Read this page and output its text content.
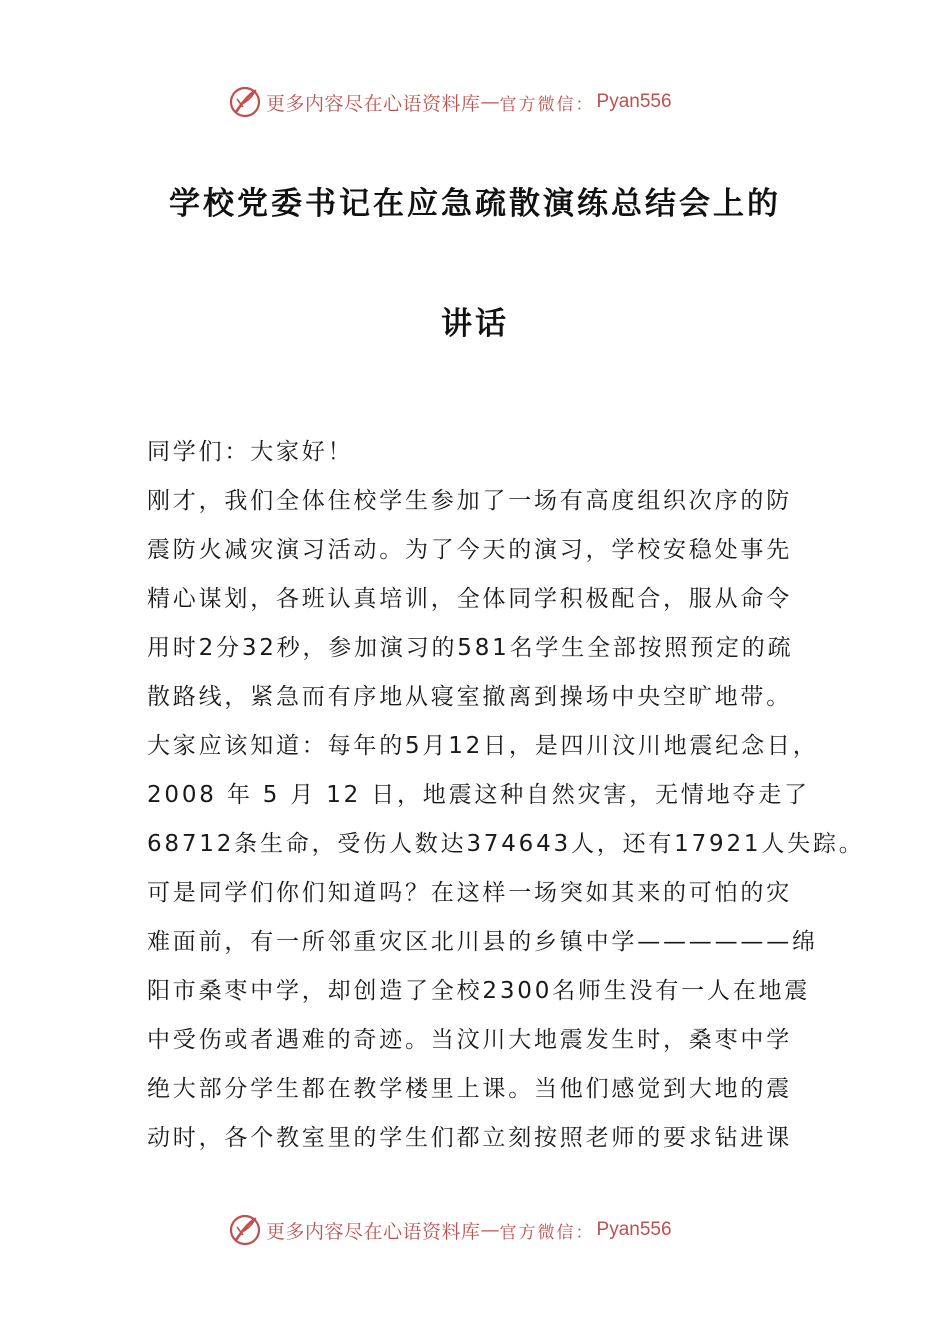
更多内容尽在心语资料库 — 官方微信： Pyan556
学校党委书记在应急疏散演练总结会上的
讲话
同学们：大家好！
刚才，我们全体住校学生参加了一场有高度组织次序的防
震防火减灾演习活动。为了今天的演习，学校安稳处事先
精心谋划，各班认真培训，全体同学积极配合，服从命令
用时2分32秒，参加演习的581名学生全部按照预定的疏
散路线，紧急而有序地从寝室撤离到操场中央空旷地带。
大家应该知道：每年的5月12日，是四川汶川地震纪念日，
2008 年 5 月 12 日，地震这种自然灾害，无情地夺走了
68712条生命，受伤人数达374643人，还有17921人失踪。
可是同学们你们知道吗？在这样一场突如其来的可怕的灾
难面前，有一所邻重灾区北川县的乡镇中学——————绵
阳市桑枣中学，却创造了全校2300名师生没有一人在地震
中受伤或者遇难的奇迹。当汶川大地震发生时，桑枣中学
绝大部分学生都在教学楼里上课。当他们感觉到大地的震
动时，各个教室里的学生们都立刻按照老师的要求钻进课
更多内容尽在心语资料库 — 官方微信： Pyan556
